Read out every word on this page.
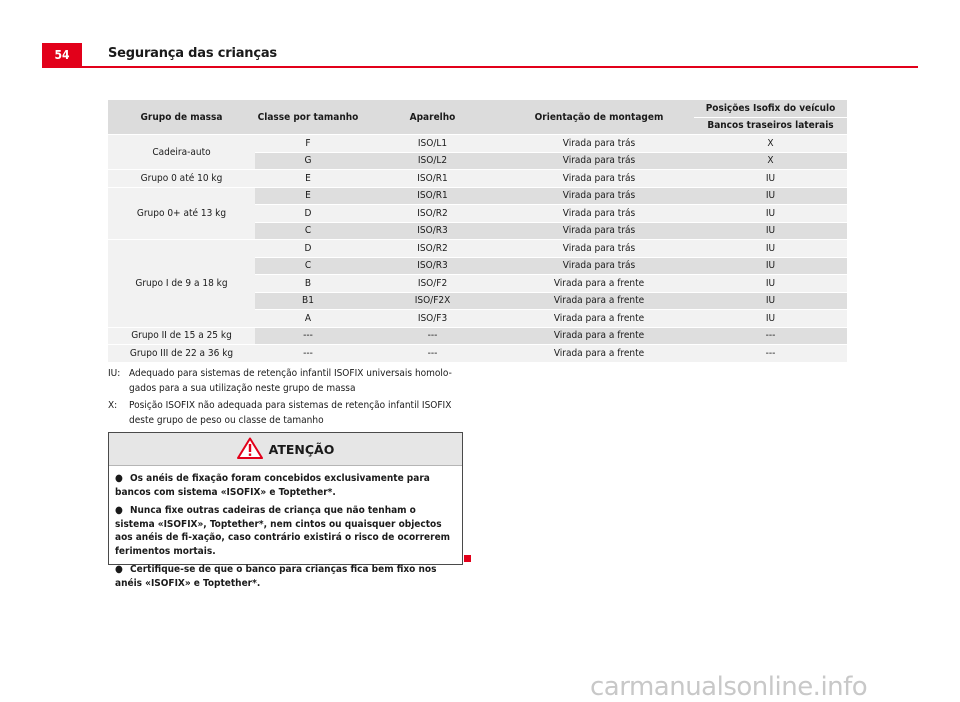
54	Segurança das crianças
Grupo de massa	Classe por tamanho	Aparelho	Orientação de montagem	Posições Isofix do veículo
				Bancos traseiros laterais
Cadeira-auto	F	ISO/L1	Virada para trás	X
	G	ISO/L2	Virada para trás	X
Grupo 0 até 10 kg	E	ISO/R1	Virada para trás	IU
Grupo 0+ até 13 kg	E	ISO/R1	Virada para trás	IU
	D	ISO/R2	Virada para trás	IU
	C	ISO/R3	Virada para trás	IU
Grupo I de 9 a 18 kg	D	ISO/R2	Virada para trás	IU
	C	ISO/R3	Virada para trás	IU
	B	ISO/F2	Virada para a frente	IU
	B1	ISO/F2X	Virada para a frente	IU
	A	ISO/F3	Virada para a frente	IU
Grupo II de 15 a 25 kg	---	---	Virada para a frente	---
Grupo III de 22 a 36 kg	---	---	Virada para a frente	---
IU: Adequado para sistemas de retenção infantil ISOFIX universais homolo-gados para a sua utilização neste grupo de massa
X:	Posição ISOFIX não adequada para sistemas de retenção infantil ISOFIX deste grupo de peso ou classe de tamanho
ATENÇÃO
● Os anéis de fixação foram concebidos exclusivamente para bancos com sistema «ISOFIX» e Toptether*.
● Nunca fixe outras cadeiras de criança que não tenham o sistema «ISOFIX», Toptether*, nem cintos ou quaisquer objectos aos anéis de fi-xação, caso contrário existirá o risco de ocorrerem ferimentos mortais.
● Certifique-se de que o banco para crianças fica bem fixo nos anéis «ISOFIX» e Toptether*.
carmanualsonline.info
